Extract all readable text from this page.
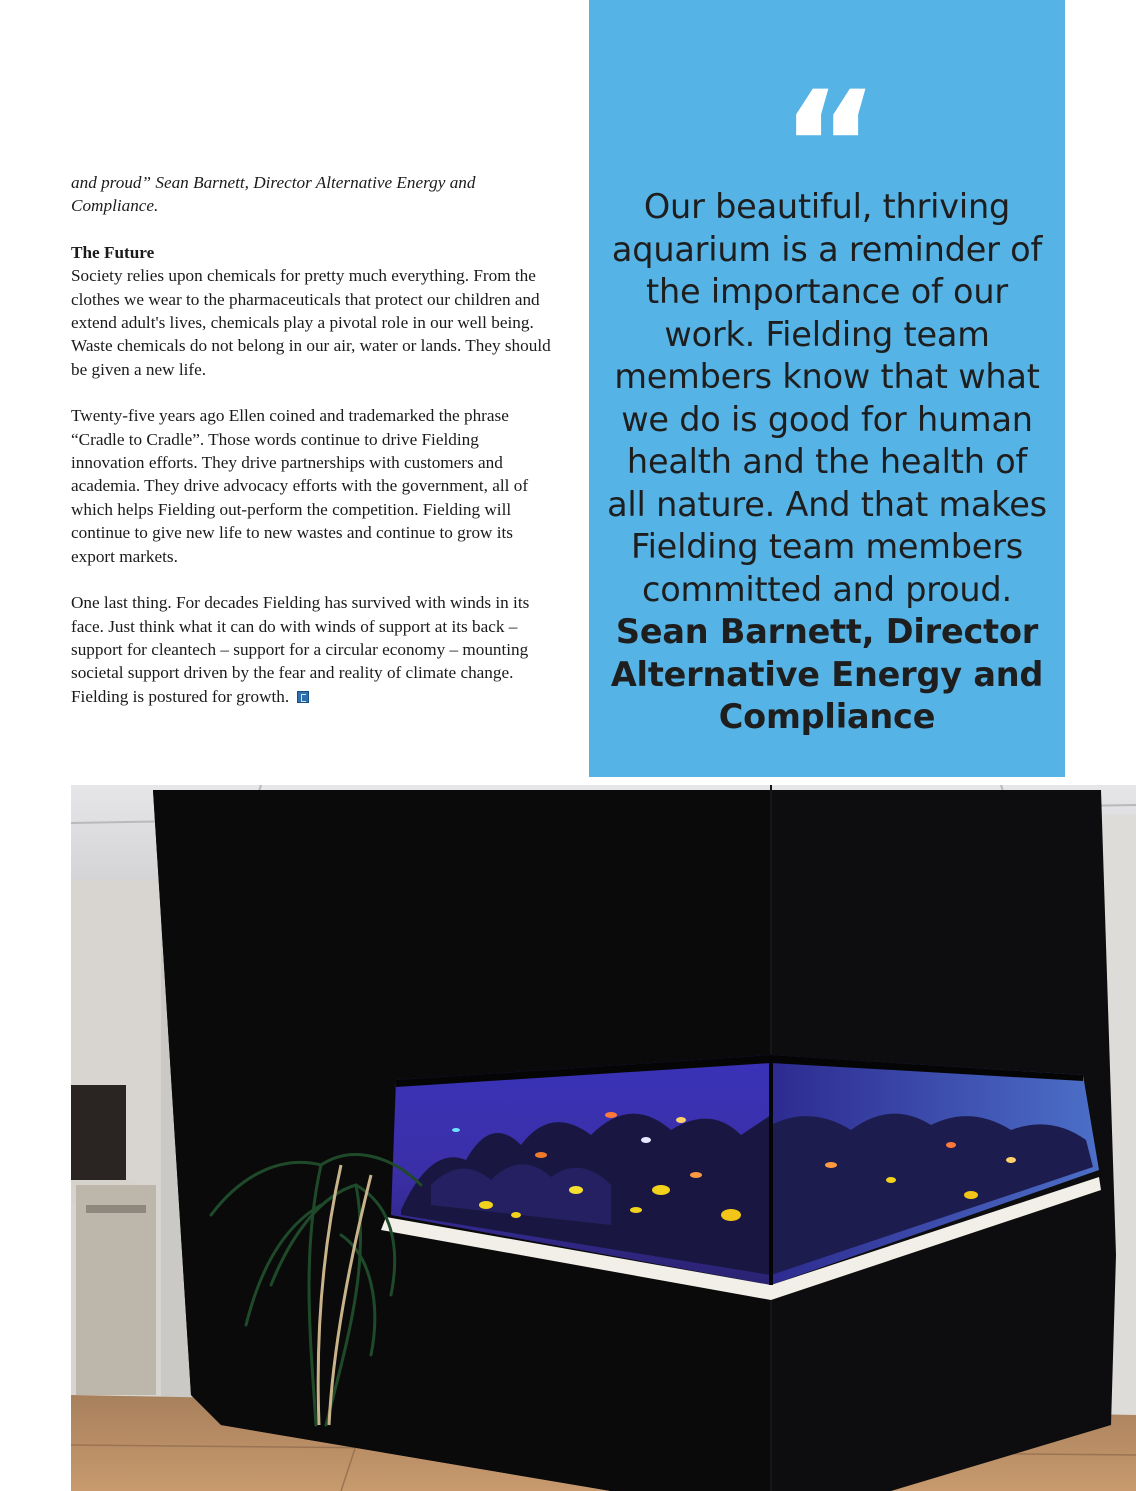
and proud” Sean Barnett, Director Alternative Energy and Compliance.

The Future
Society relies upon chemicals for pretty much everything. From the clothes we wear to the pharmaceuticals that protect our children and extend adult's lives, chemicals play a pivotal role in our well being. Waste chemicals do not belong in our air, water or lands. They should be given a new life.

Twenty-five years ago Ellen coined and trademarked the phrase “Cradle to Cradle”. Those words continue to drive Fielding innovation efforts. They drive partnerships with customers and academia. They drive advocacy efforts with the government, all of which helps Fielding out-perform the competition. Fielding will continue to give new life to new wastes and continue to grow its export markets.

One last thing. For decades Fielding has survived with winds in its face. Just think what it can do with winds of support at its back – support for cleantech – support for a circular economy – mounting societal support driven by the fear and reality of climate change. Fielding is postured for growth.

“
Our beautiful, thriving aquarium is a reminder of the importance of our work. Fielding team members know that what we do is good for human health and the health of all nature. And that makes Fielding team members committed and proud.
Sean Barnett, Director Alternative Energy and Compliance
